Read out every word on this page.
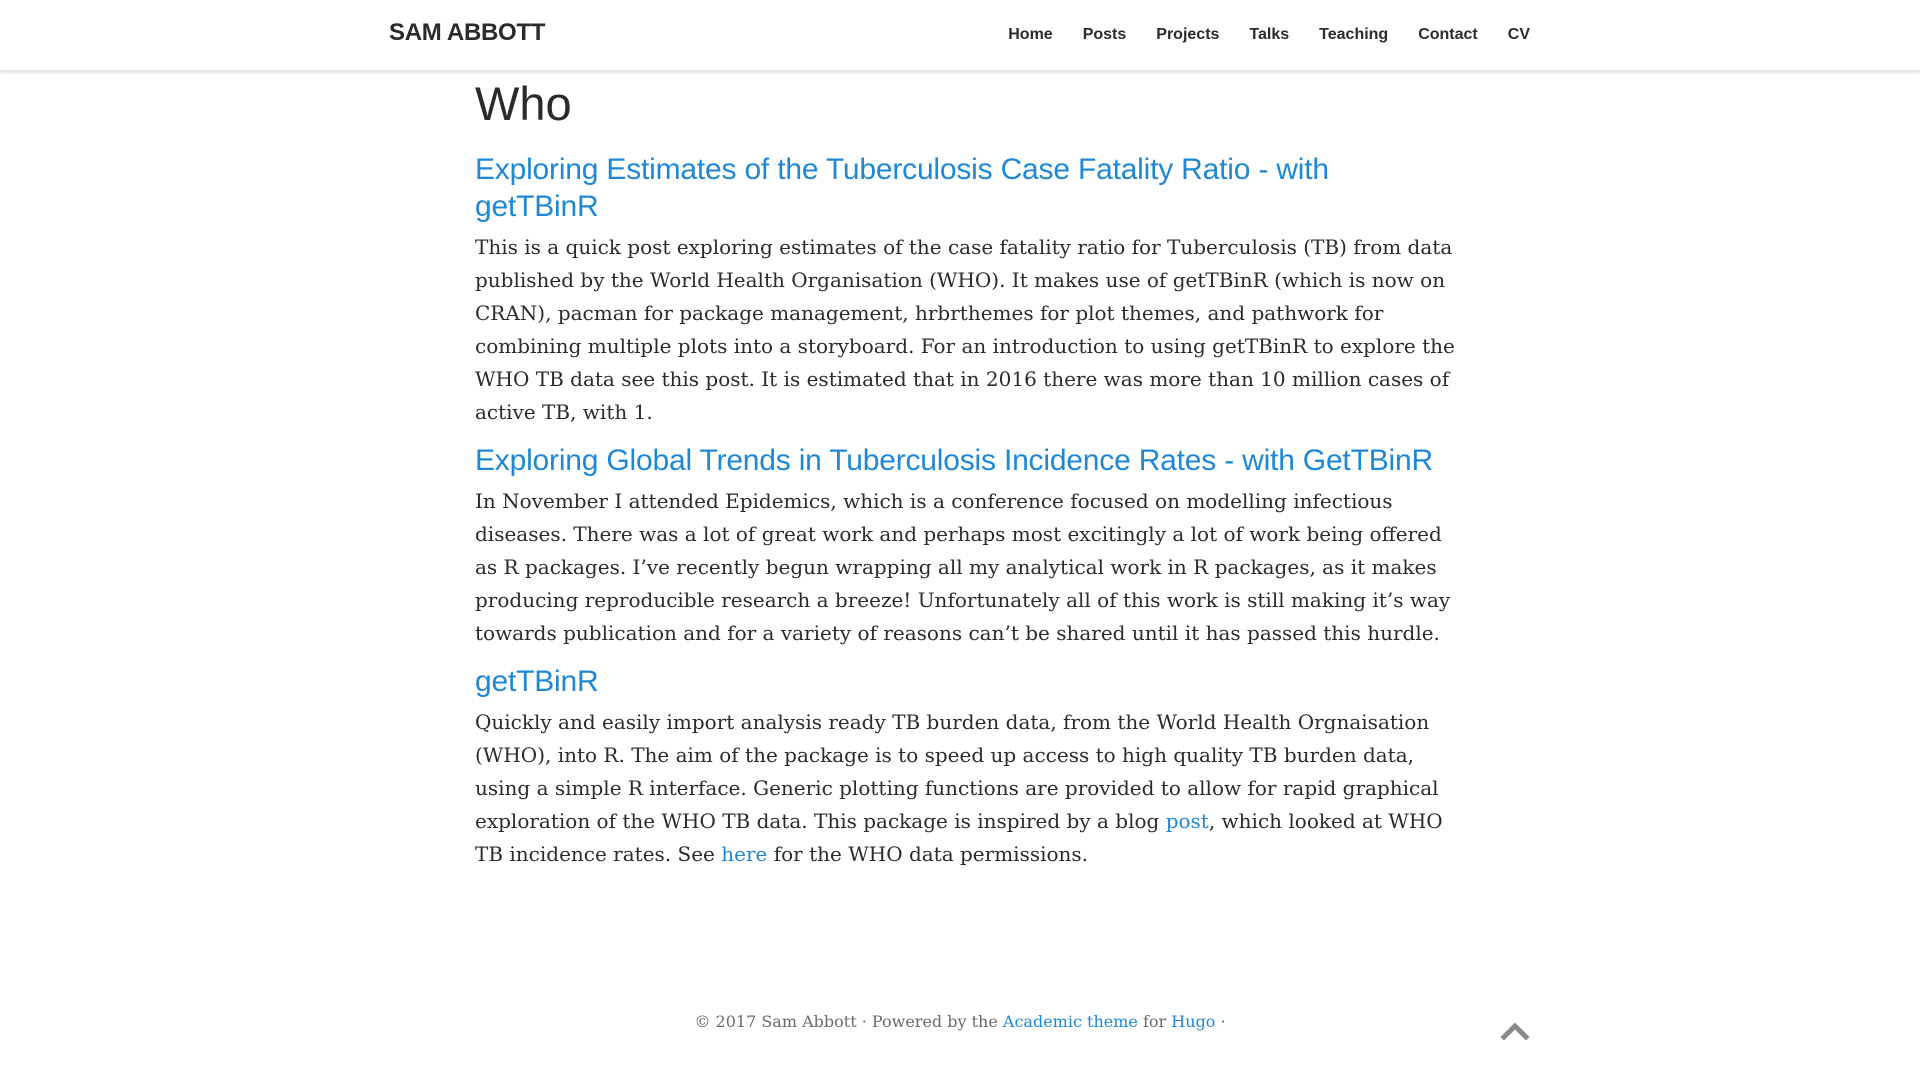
SAM ABBOTT	Home Posts Projects Talks Teaching Contact CV
Who
Exploring Estimates of the Tuberculosis Case Fatality Ratio - with getTBinR

This is a quick post exploring estimates of the case fatality ratio for Tuberculosis (TB) from data published by the World Health Organisation (WHO). It makes use of getTBinR (which is now on CRAN), pacman for package management, hrbrthemes for plot themes, and pathwork for combining multiple plots into a storyboard. For an introduction to using getTBinR to explore the WHO TB data see this post. It is estimated that in 2016 there was more than 10 million cases of active TB, with 1.

Exploring Global Trends in Tuberculosis Incidence Rates - with GetTBinR

In November I attended Epidemics, which is a conference focused on modelling infectious diseases. There was a lot of great work and perhaps most excitingly a lot of work being offered as R packages. I’ve recently begun wrapping all my analytical work in R packages, as it makes producing reproducible research a breeze! Unfortunately all of this work is still making it’s way towards publication and for a variety of reasons can’t be shared until it has passed this hurdle.

getTBinR

Quickly and easily import analysis ready TB burden data, from the World Health Orgnaisation (WHO), into R. The aim of the package is to speed up access to high quality TB burden data, using a simple R interface. Generic plotting functions are provided to allow for rapid graphical exploration of the WHO TB data. This package is inspired by a blog post, which looked at WHO TB incidence rates. See here for the WHO data permissions.

© 2017 Sam Abbott · Powered by the Academic theme for Hugo ·
